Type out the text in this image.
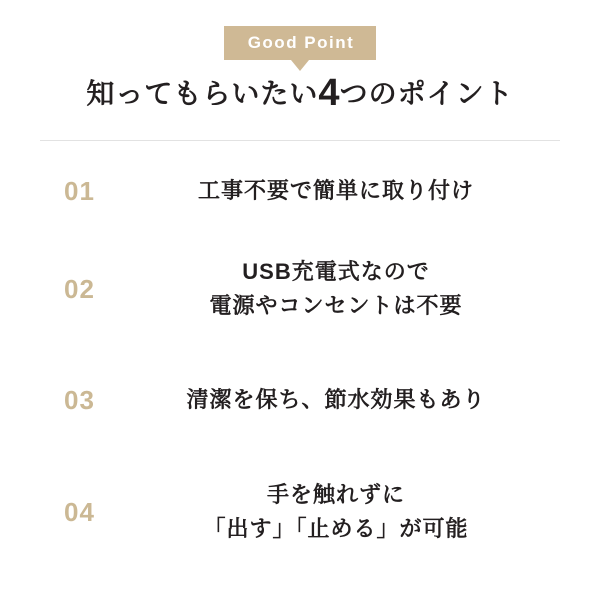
Good Point
知ってもらいたい4つのポイント
01	工事不要で簡単に取り付け
02
USB充電式なので
電源やコンセントは不要
03	清潔を保ち、節水効果もあり
04
手を触れずに
「出す」「止める」が可能
